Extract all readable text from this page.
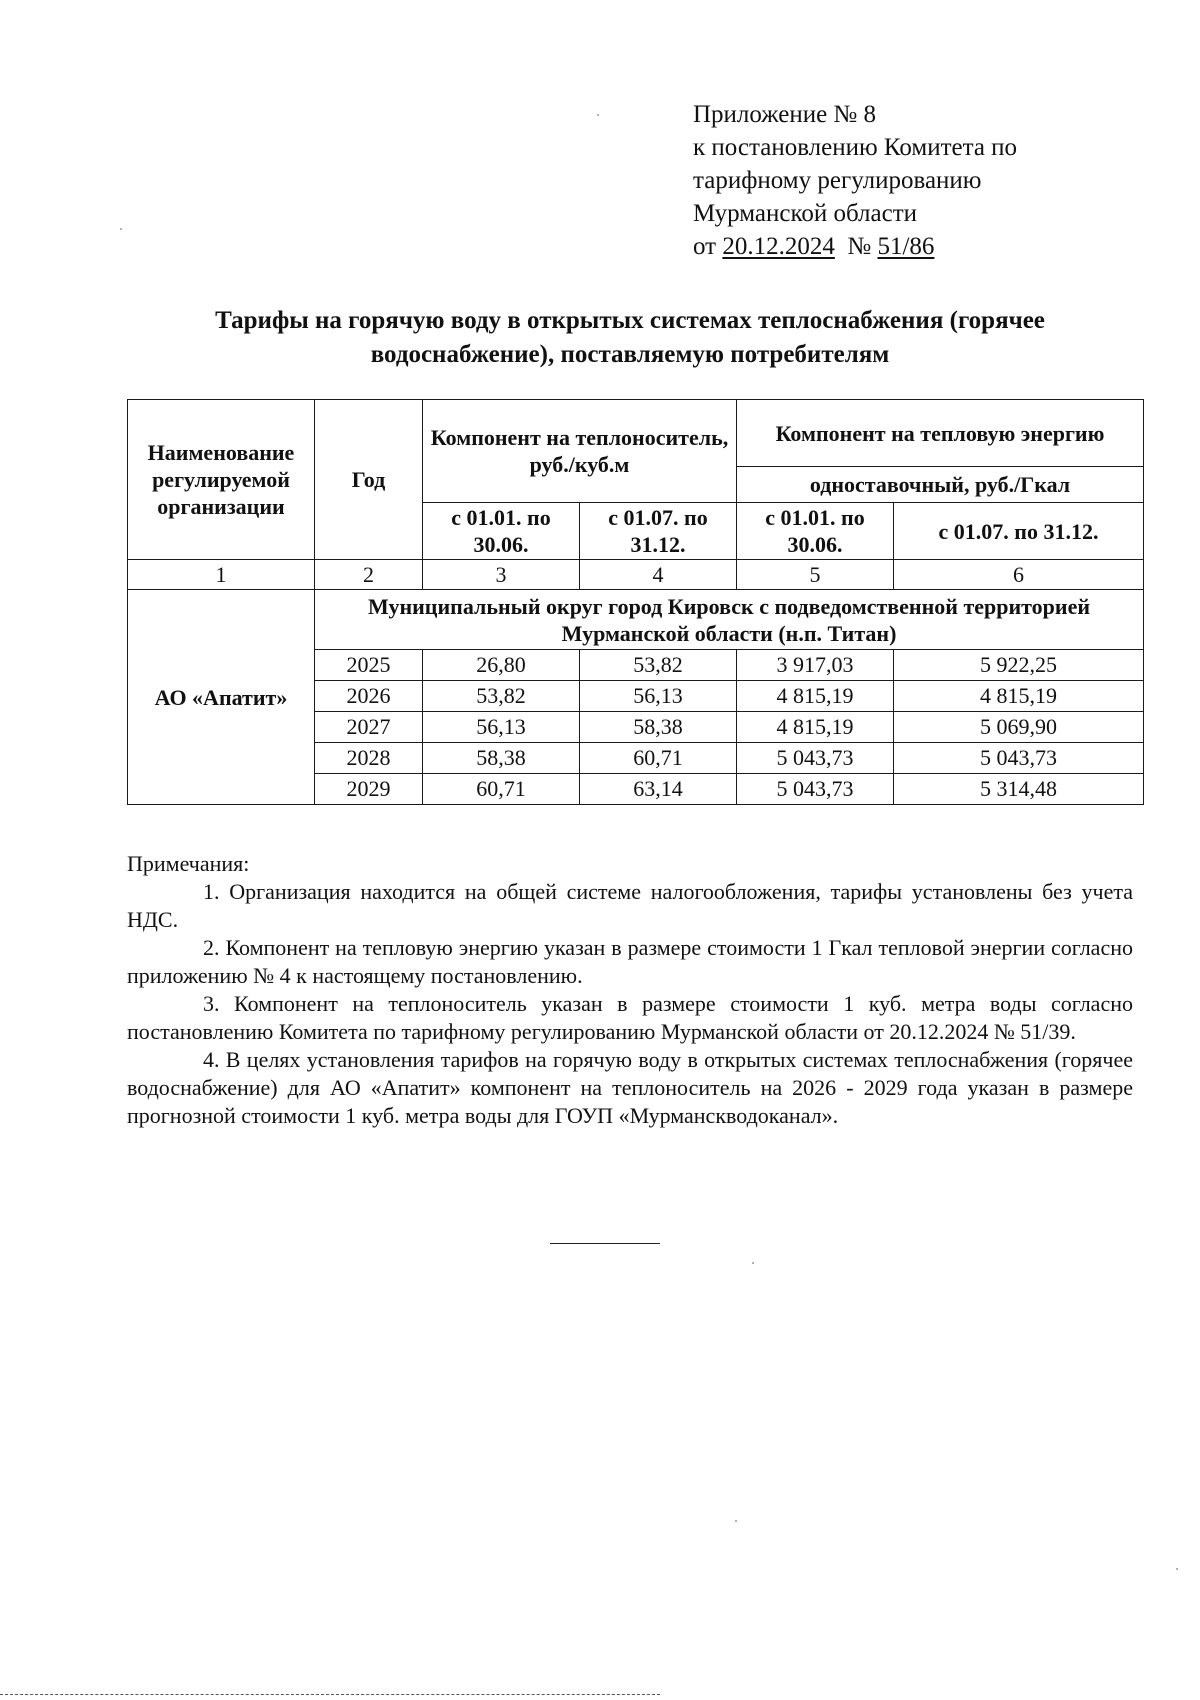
Приложение № 8
к постановлению Комитета по
тарифному регулированию
Мурманской области
от 20.12.2024 № 51/86
Тарифы на горячую воду в открытых системах теплоснабжения (горячее
водоснабжение), поставляемую потребителям
Наименование регулируемой организации	Год	Компонент на теплоноситель, руб./куб.м		Компонент на тепловую энергию	
				одноставочный, руб./Гкал	
		с 01.01. по 30.06.	с 01.07. по 31.12.	с 01.01. по 30.06.	с 01.07. по 31.12.
1	2	3	4	5	6
АО «Апатит»	Муниципальный округ город Кировск с подведомственной территорией Мурманской области (н.п. Титан)				
	2025	26,80	53,82	3 917,03	5 922,25
	2026	53,82	56,13	4 815,19	4 815,19
	2027	56,13	58,38	4 815,19	5 069,90
	2028	58,38	60,71	5 043,73	5 043,73
	2029	60,71	63,14	5 043,73	5 314,48

Примечания:

1. Организация находится на общей системе налогообложения, тарифы установлены без учета НДС.

2. Компонент на тепловую энергию указан в размере стоимости 1 Гкал тепловой энергии согласно приложению № 4 к настоящему постановлению.

3. Компонент на теплоноситель указан в размере стоимости 1 куб. метра воды согласно постановлению Комитета по тарифному регулированию Мурманской области от 20.12.2024 № 51/39.

4. В целях установления тарифов на горячую воду в открытых системах теплоснабжения (горячее водоснабжение) для АО «Апатит» компонент на теплоноситель на 2026 - 2029 года указан в размере прогнозной стоимости 1 куб. метра воды для ГОУП «Мурманскводоканал».
